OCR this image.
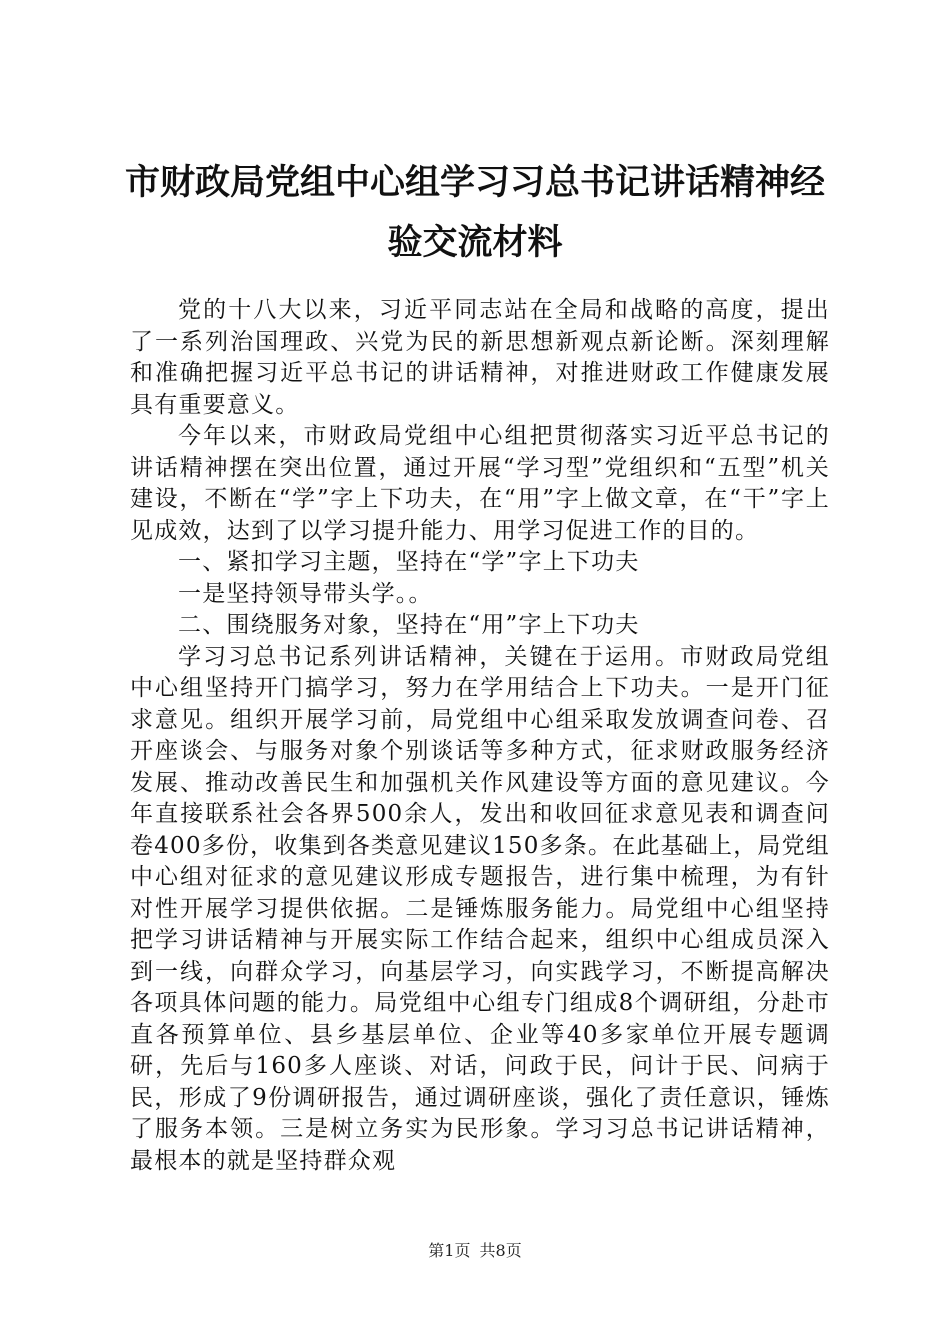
市财政局党组中心组学习习总书记讲话精神经
验交流材料

党的十八大以来，习近平同志站在全局和战略的高度，提出了一系列治国理政、兴党为民的新思想新观点新论断。深刻理解和准确把握习近平总书记的讲话精神，对推进财政工作健康发展具有重要意义。

今年以来，市财政局党组中心组把贯彻落实习近平总书记的讲话精神摆在突出位置，通过开展“学习型”党组织和“五型”机关建设，不断在“学”字上下功夫，在“用”字上做文章，在“干”字上见成效，达到了以学习提升能力、用学习促进工作的目的。

一、紧扣学习主题，坚持在“学”字上下功夫

一是坚持领导带头学。。

二、围绕服务对象，坚持在“用”字上下功夫

学习习总书记系列讲话精神，关键在于运用。市财政局党组中心组坚持开门搞学习，努力在学用结合上下功夫。一是开门征求意见。组织开展学习前，局党组中心组采取发放调查问卷、召开座谈会、与服务对象个别谈话等多种方式，征求财政服务经济发展、推动改善民生和加强机关作风建设等方面的意见建议。今年直接联系社会各界500余人，发出和收回征求意见表和调查问卷400多份，收集到各类意见建议150多条。在此基础上，局党组中心组对征求的意见建议形成专题报告，进行集中梳理，为有针对性开展学习提供依据。二是锤炼服务能力。局党组中心组坚持把学习讲话精神与开展实际工作结合起来，组织中心组成员深入到一线，向群众学习，向基层学习，向实践学习，不断提高解决各项具体问题的能力。局党组中心组专门组成8个调研组，分赴市直各预算单位、县乡基层单位、企业等40多家单位开展专题调研，先后与160多人座谈、对话，问政于民，问计于民、问病于民，形成了9份调研报告，通过调研座谈，强化了责任意识，锤炼了服务本领。三是树立务实为民形象。学习习总书记讲话精神，最根本的就是坚持群众观

第1页 共8页
